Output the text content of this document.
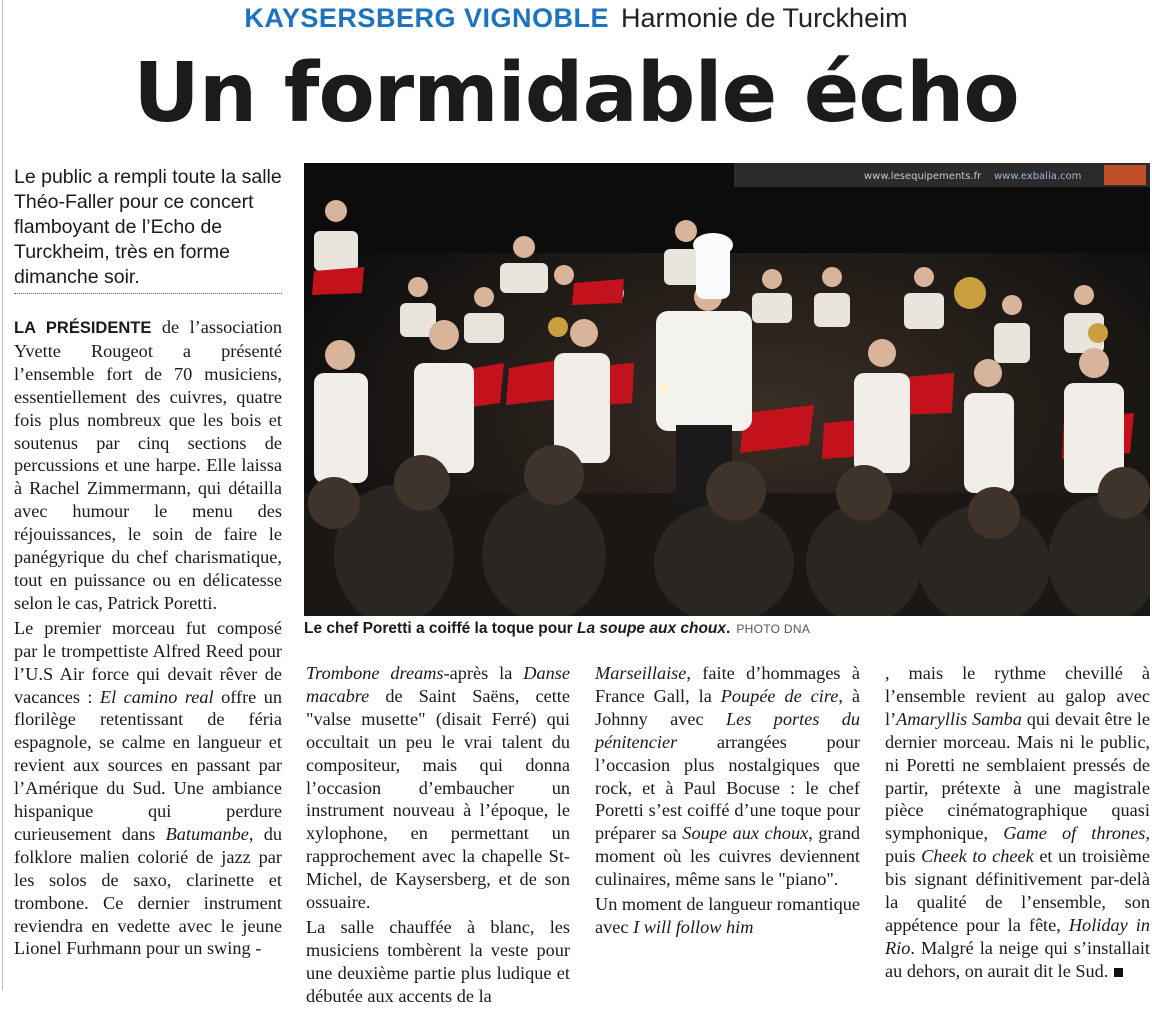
KAYSERSBERG VIGNOBLE Harmonie de Turckheim
Un formidable écho
Le public a rempli toute la salle Théo-Faller pour ce concert flamboyant de l’Echo de Turckheim, très en forme dimanche soir.
www.lesequipements.fr www.exbalia.com
Le chef Poretti a coiffé la toque pour La soupe aux choux. PHOTO DNA

LA PRÉSIDENTE de l’association Yvette Rougeot a présenté l’ensemble fort de 70 musiciens, essentiellement des cuivres, quatre fois plus nombreux que les bois et soutenus par cinq sections de percussions et une harpe. Elle laissa à Rachel Zimmermann, qui détailla avec humour le menu des réjouissances, le soin de faire le panégyrique du chef charismatique, tout en puissance ou en délicatesse selon le cas, Patrick Poretti.

Le premier morceau fut composé par le trompettiste Alfred Reed pour l’U.S Air force qui devait rêver de vacances : El camino real offre un florilège retentissant de féria espagnole, se calme en langueur et revient aux sources en passant par l’Amérique du Sud. Une ambiance hispanique qui perdure curieusement dans Batumanbe, du folklore malien colorié de jazz par les solos de saxo, clarinette et trombone. Ce dernier instrument reviendra en vedette avec le jeune Lionel Furhmann pour un swing -

Trombone dreams-après la Danse macabre de Saint Saëns, cette "valse musette" (disait Ferré) qui occultait un peu le vrai talent du compositeur, mais qui donna l’occasion d’embaucher un instrument nouveau à l’époque, le xylophone, en permettant un rapprochement avec la chapelle St-Michel, de Kaysersberg, et de son ossuaire.

La salle chauffée à blanc, les musiciens tombèrent la veste pour une deuxième partie plus ludique et débutée aux accents de la

Marseillaise, faite d’hommages à France Gall, la Poupée de cire, à Johnny avec Les portes du pénitencier arrangées pour l’occasion plus nostalgiques que rock, et à Paul Bocuse : le chef Poretti s’est coiffé d’une toque pour préparer sa Soupe aux choux, grand moment où les cuivres deviennent culinaires, même sans le "piano".

Un moment de langueur romantique avec I will follow him

, mais le rythme chevillé à l’ensemble revient au galop avec l’Amaryllis Samba qui devait être le dernier morceau. Mais ni le public, ni Poretti ne semblaient pressés de partir, prétexte à une magistrale pièce cinématographique quasi symphonique, Game of thrones, puis Cheek to cheek et un troisième bis signant définitivement par-delà la qualité de l’ensemble, son appétence pour la fête, Holiday in Rio. Malgré la neige qui s’installait au dehors, on aurait dit le Sud.
